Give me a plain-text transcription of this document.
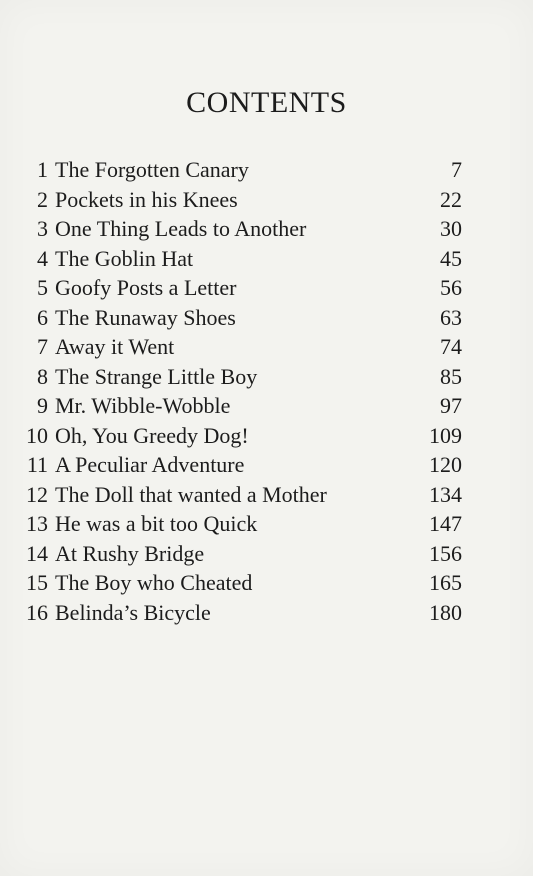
CONTENTS
1 The Forgotten Canary	7
2 Pockets in his Knees	22
3 One Thing Leads to Another	30
4 The Goblin Hat	45
5 Goofy Posts a Letter	56
6 The Runaway Shoes	63
7 Away it Went	74
8 The Strange Little Boy	85
9 Mr. Wibble-Wobble	97
10 Oh, You Greedy Dog!	109
11 A Peculiar Adventure	120
12 The Doll that wanted a Mother	134
13 He was a bit too Quick	147
14 At Rushy Bridge	156
15 The Boy who Cheated	165
16 Belinda’s Bicycle	180
